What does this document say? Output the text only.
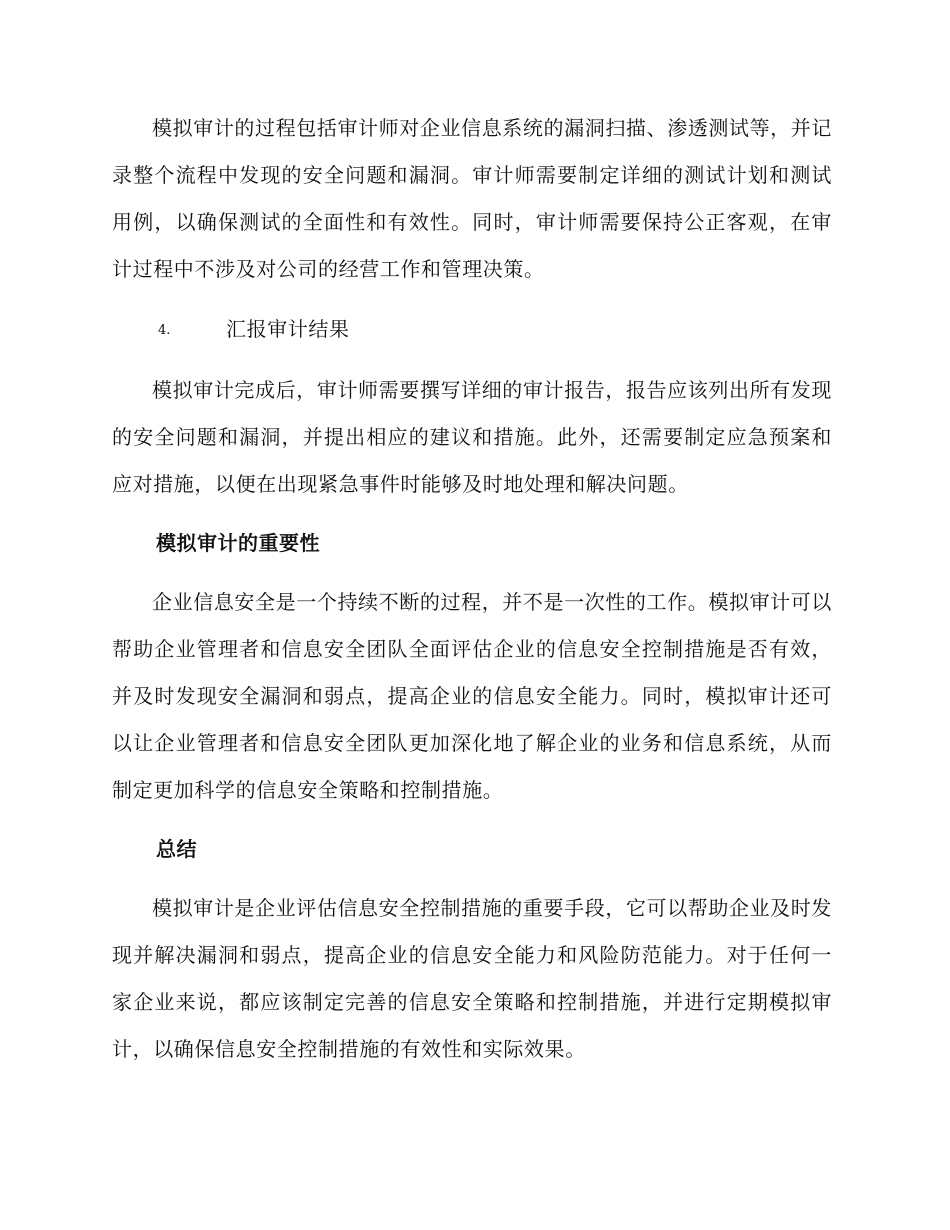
模拟审计的过程包括审计师对企业信息系统的漏洞扫描、渗透测试等，并记录整个流程中发现的安全问题和漏洞。审计师需要制定详细的测试计划和测试用例，以确保测试的全面性和有效性。同时，审计师需要保持公正客观，在审计过程中不涉及对公司的经营工作和管理决策。

4.	汇报审计结果

模拟审计完成后，审计师需要撰写详细的审计报告，报告应该列出所有发现的安全问题和漏洞，并提出相应的建议和措施。此外，还需要制定应急预案和应对措施，以便在出现紧急事件时能够及时地处理和解决问题。

模拟审计的重要性

企业信息安全是一个持续不断的过程，并不是一次性的工作。模拟审计可以帮助企业管理者和信息安全团队全面评估企业的信息安全控制措施是否有效，并及时发现安全漏洞和弱点，提高企业的信息安全能力。同时，模拟审计还可以让企业管理者和信息安全团队更加深化地了解企业的业务和信息系统，从而制定更加科学的信息安全策略和控制措施。

总结

模拟审计是企业评估信息安全控制措施的重要手段，它可以帮助企业及时发现并解决漏洞和弱点，提高企业的信息安全能力和风险防范能力。对于任何一家企业来说，都应该制定完善的信息安全策略和控制措施，并进行定期模拟审计，以确保信息安全控制措施的有效性和实际效果。
